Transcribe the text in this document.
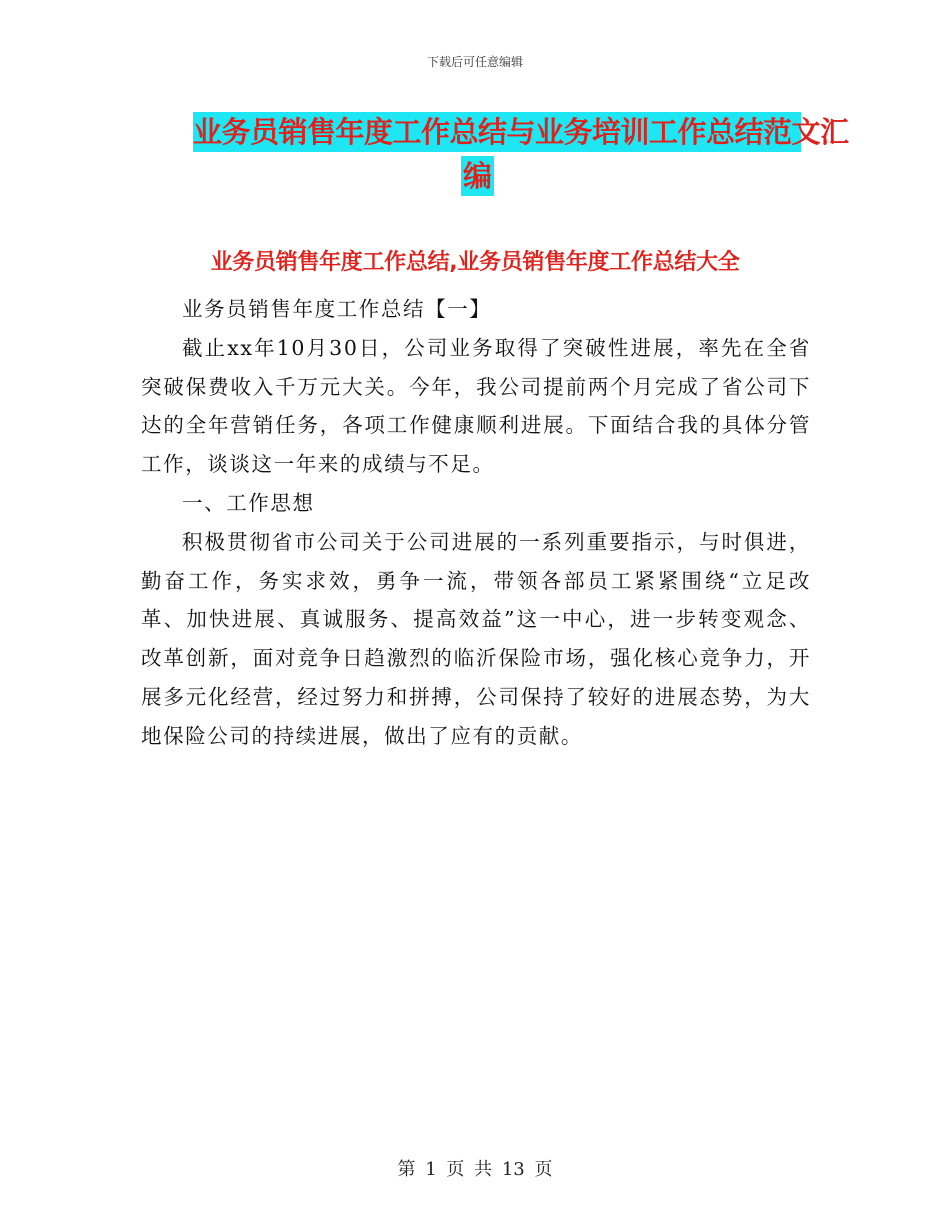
下载后可任意编辑
业务员销售年度工作总结与业务培训工作总结范文汇
编
业务员销售年度工作总结,业务员销售年度工作总结大全

业务员销售年度工作总结【一】

截止xx年10月30日，公司业务取得了突破性进展，率先在全省突破保费收入千万元大关。今年，我公司提前两个月完成了省公司下达的全年营销任务，各项工作健康顺利进展。下面结合我的具体分管工作，谈谈这一年来的成绩与不足。

一、工作思想

积极贯彻省市公司关于公司进展的一系列重要指示，与时俱进，勤奋工作，务实求效，勇争一流，带领各部员工紧紧围绕“立足改革、加快进展、真诚服务、提高效益”这一中心，进一步转变观念、改革创新，面对竞争日趋激烈的临沂保险市场，强化核心竞争力，开展多元化经营，经过努力和拼搏，公司保持了较好的进展态势，为大地保险公司的持续进展，做出了应有的贡献。

第 1 页 共 13 页
